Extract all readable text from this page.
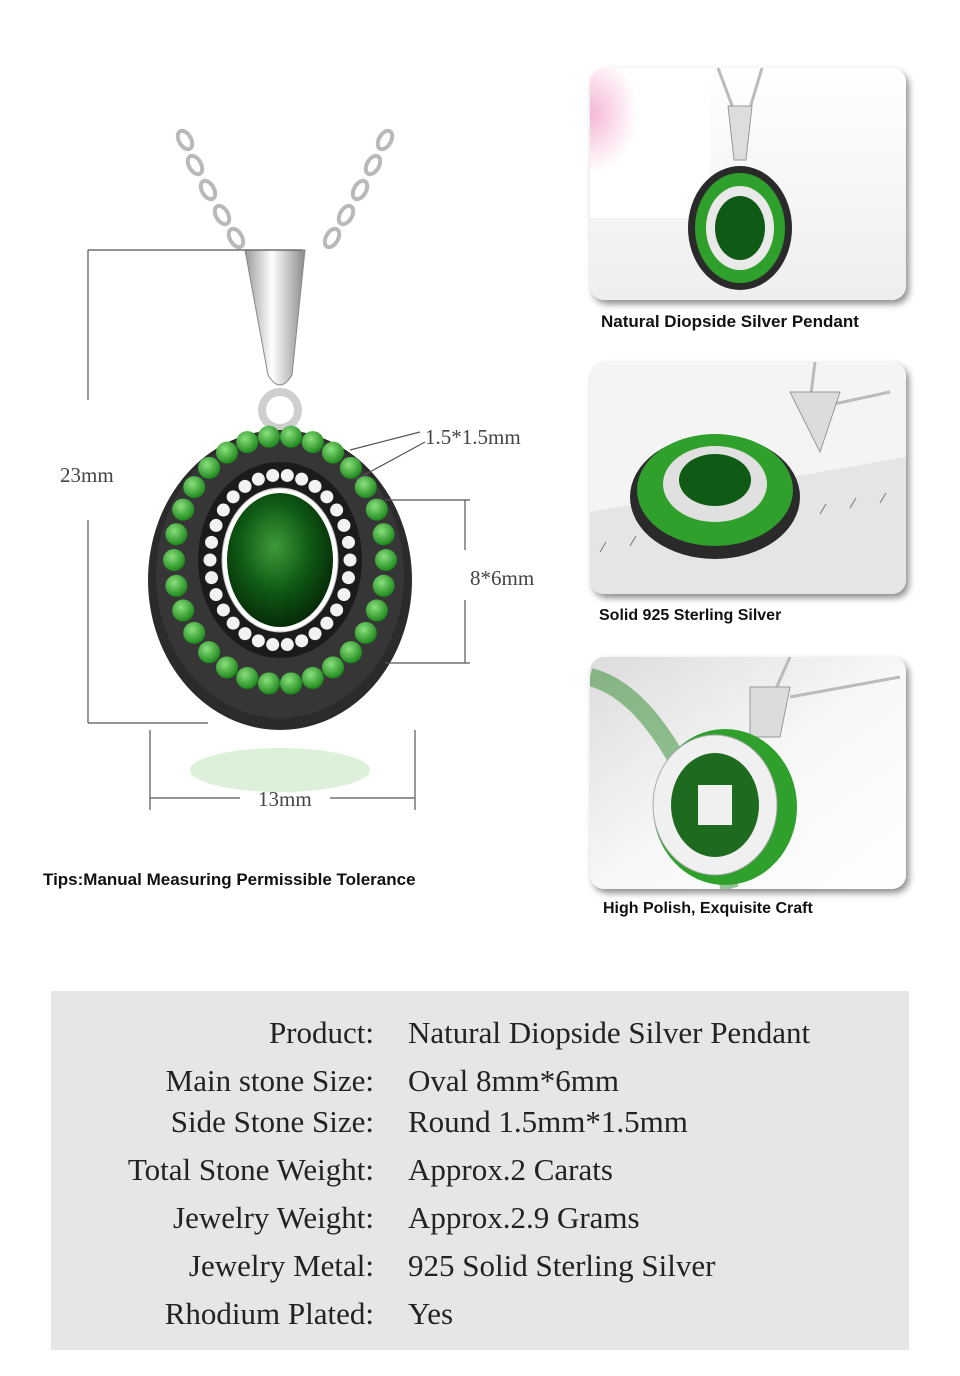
23mm
1.5*1.5mm
8*6mm
13mm
Tips:Manual Measuring Permissible Tolerance
Natural Diopside Silver Pendant
Solid 925 Sterling Silver
High Polish, Exquisite Craft
Product: Natural Diopside Silver Pendant
Main stone Size: Oval 8mm*6mm
Side Stone Size: Round 1.5mm*1.5mm
Total Stone Weight: Approx.2 Carats
Jewelry Weight: Approx.2.9 Grams
Jewelry Metal: 925 Solid Sterling Silver
Rhodium Plated: Yes
